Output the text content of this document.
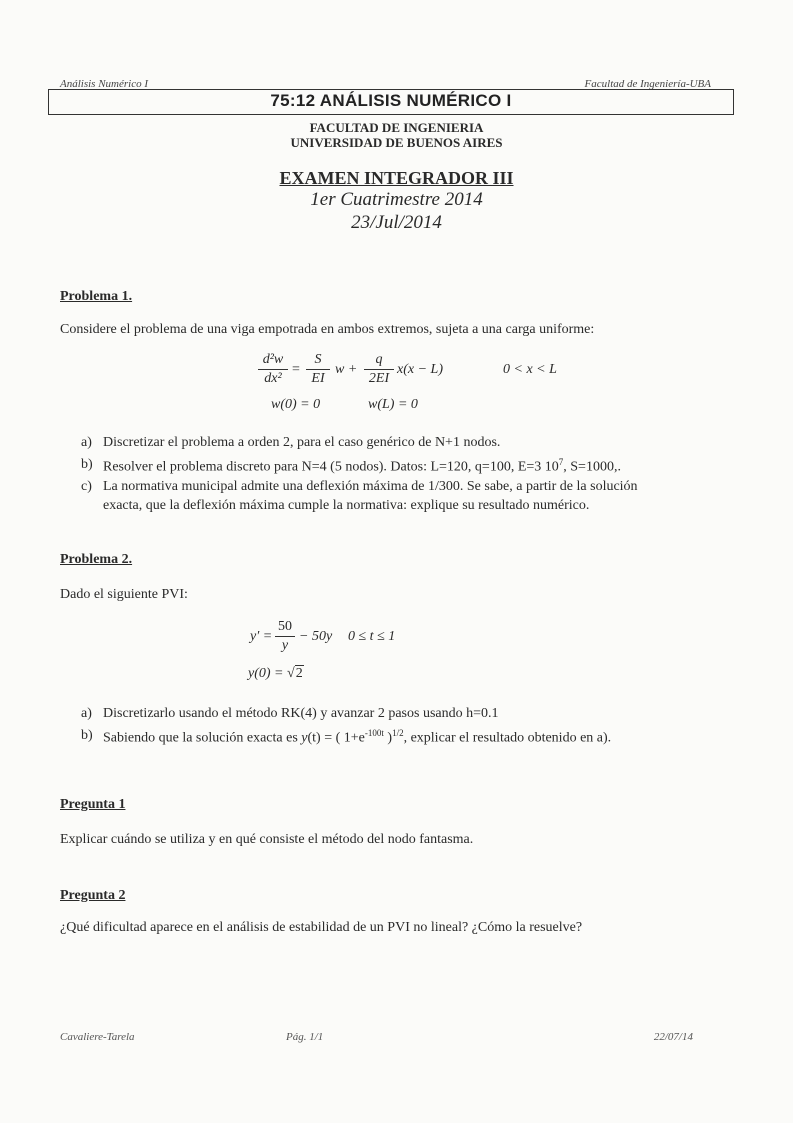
Análisis Numérico I	Facultad de Ingeniería-UBA
75:12 ANÁLISIS NUMÉRICO I
FACULTAD DE INGENIERIA
UNIVERSIDAD DE BUENOS AIRES
EXAMEN INTEGRADOR III
1er Cuatrimestre 2014
23/Jul/2014
Problema 1.
Considere el problema de una viga empotrada en ambos extremos, sujeta a una carga uniforme:
d²w
dx²
=
S
EI
w +
q
2EI
x(x − L)	0 < x < L
w(0) = 0	w(L) = 0
a) Discretizar el problema a orden 2, para el caso genérico de N+1 nodos.
b) Resolver el problema discreto para N=4 (5 nodos). Datos: L=120, q=100, E=3 $10^7$, S=1000,.
c) La normativa municipal admite una deflexión máxima de 1/300. Se sabe, a partir de la solución
exacta, que la deflexión máxima cumple la normativa: explique su resultado numérico.
Problema 2.
Dado el siguiente PVI:
y′ =
50
y
− 50y 0 ≤ t ≤ 1
y(0) = √2
a) Discretizarlo usando el método RK(4) y avanzar 2 pasos usando h=0.1
b) Sabiendo que la solución exacta es y(t) = ( $1+e^{-100t}$ )$^{1/2}$, explicar el resultado obtenido en a).
Pregunta 1
Explicar cuándo se utiliza y en qué consiste el método del nodo fantasma.
Pregunta 2
¿Qué dificultad aparece en el análisis de estabilidad de un PVI no lineal? ¿Cómo la resuelve?
Cavaliere-Tarela	Pág. 1/1	22/07/14
